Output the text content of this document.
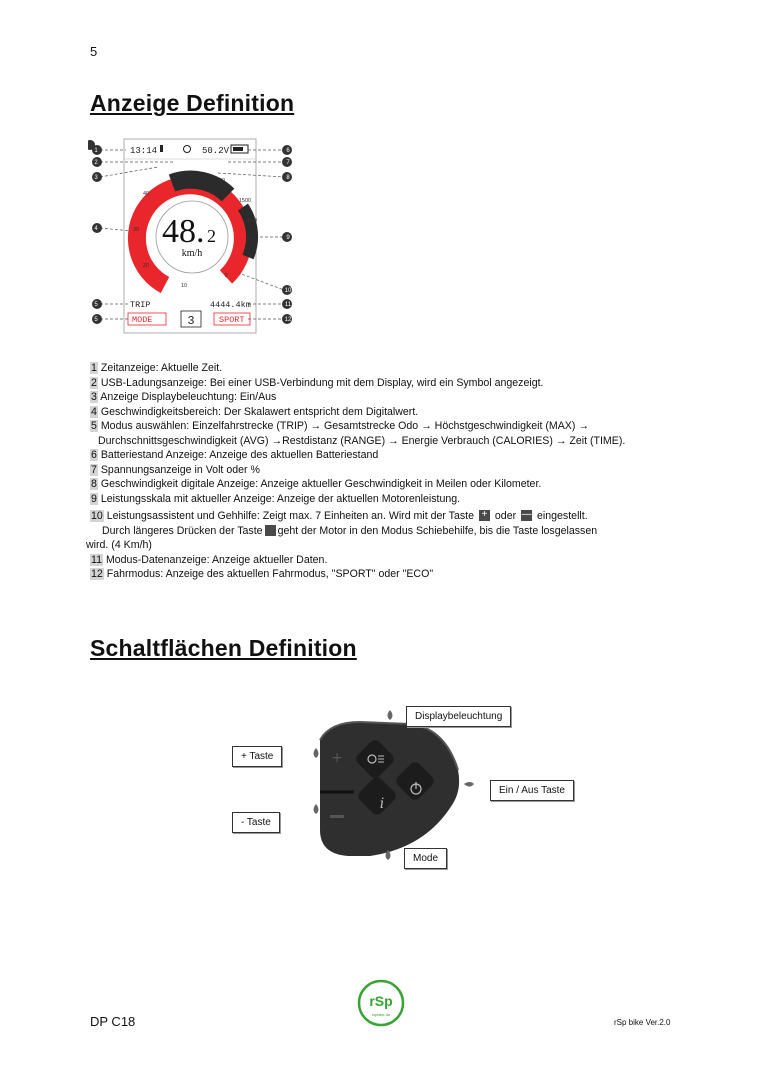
5
Anzeige Definition
1
2
3
4
5
5
6
7
8
9
10
11
12
13:14	50.2V
10
20
30
40
50
60
0
500
1000
1500
48. 2
km/h
TRIP
MODE	3
4444.4km
SPORT
1 Zeitanzeige: Aktuelle Zeit.
2 USB-Ladungsanzeige: Bei einer USB-Verbindung mit dem Display, wird ein Symbol angezeigt.
3 Anzeige Displaybeleuchtung: Ein/Aus
4 Geschwindigkeitsbereich: Der Skalawert entspricht dem Digitalwert.
5 Modus auswählen: Einzelfahrstrecke (TRIP) → Gesamtstrecke Odo → Höchstgeschwindigkeit (MAX) →
Durchschnittsgeschwindigkeit (AVG) →Restdistanz (RANGE) → Energie Verbrauch (CALORIES) → Zeit (TIME).
6 Batteriestand Anzeige: Anzeige des aktuellen Batteriestand
7 Spannungsanzeige in Volt oder %
8 Geschwindigkeit digitale Anzeige: Anzeige aktueller Geschwindigkeit in Meilen oder Kilometer.
9 Leistungsskala mit aktueller Anzeige: Anzeige der aktuellen Motorenleistung.
10 Leistungsassistent und Gehhilfe: Zeigt max. 7 Einheiten an. Wird mit der Taste + oder — eingestellt.
Durch längeres Drücken der Taste geht der Motor in den Modus Schiebehilfe, bis die Taste losgelassen
wird. (4 Km/h)
11 Modus-Datenanzeige: Anzeige aktueller Daten.
12 Fahrmodus: Anzeige des aktuellen Fahrmodus, "SPORT" oder "ECO"
Schaltflächen Definition
+
i
Displaybeleuchtung
+ Taste
Ein / Aus Taste
- Taste
Mode
rSp
rspbike.de
DP C18	rSp bike Ver.2.0
